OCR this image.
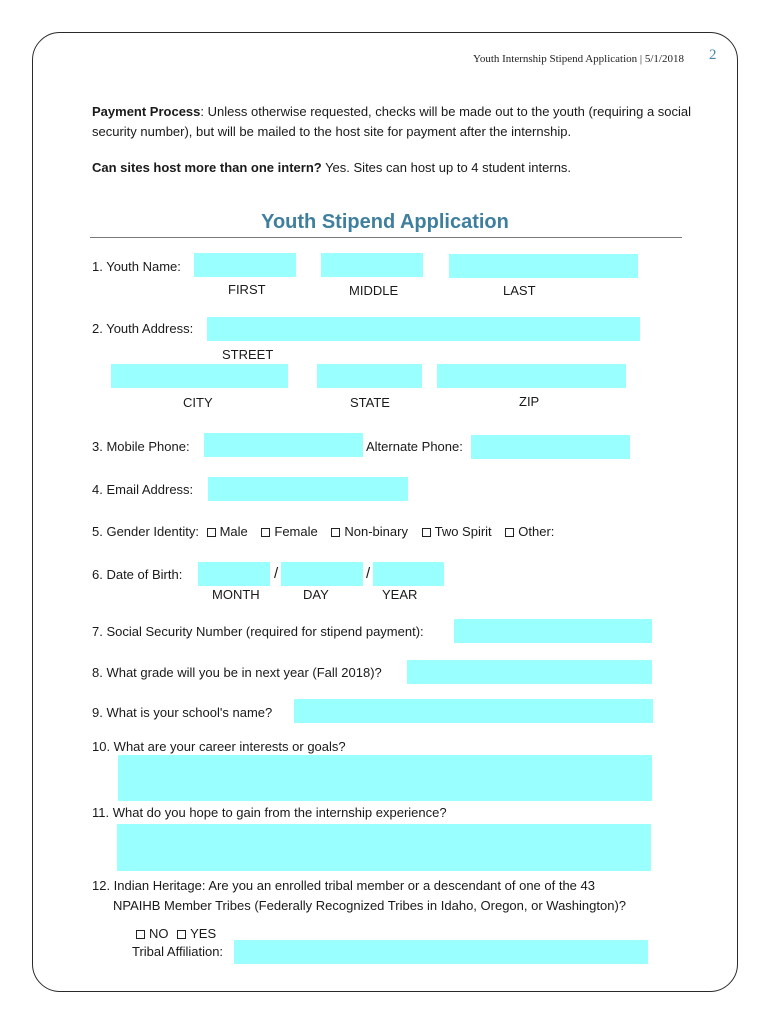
Youth Internship Stipend Application | 5/1/2018 2
Payment Process: Unless otherwise requested, checks will be made out to the youth (requiring a social security number), but will be mailed to the host site for payment after the internship.
Can sites host more than one intern? Yes. Sites can host up to 4 student interns.
Youth Stipend Application
1. Youth Name:
FIRST	MIDDLE	LAST
2. Youth Address:
STREET
CITY	STATE	ZIP
3. Mobile Phone:	Alternate Phone:
4. Email Address:
5. Gender Identity: Male Female Non-binary Two Spirit Other:
6. Date of Birth:	/	/
MONTH	DAY	YEAR
7. Social Security Number (required for stipend payment):
8. What grade will you be in next year (Fall 2018)?
9. What is your school's name?
10. What are your career interests or goals?
11. What do you hope to gain from the internship experience?
12. Indian Heritage: Are you an enrolled tribal member or a descendant of one of the 43
NPAIHB Member Tribes (Federally Recognized Tribes in Idaho, Oregon, or Washington)?
NO YES
Tribal Affiliation:
